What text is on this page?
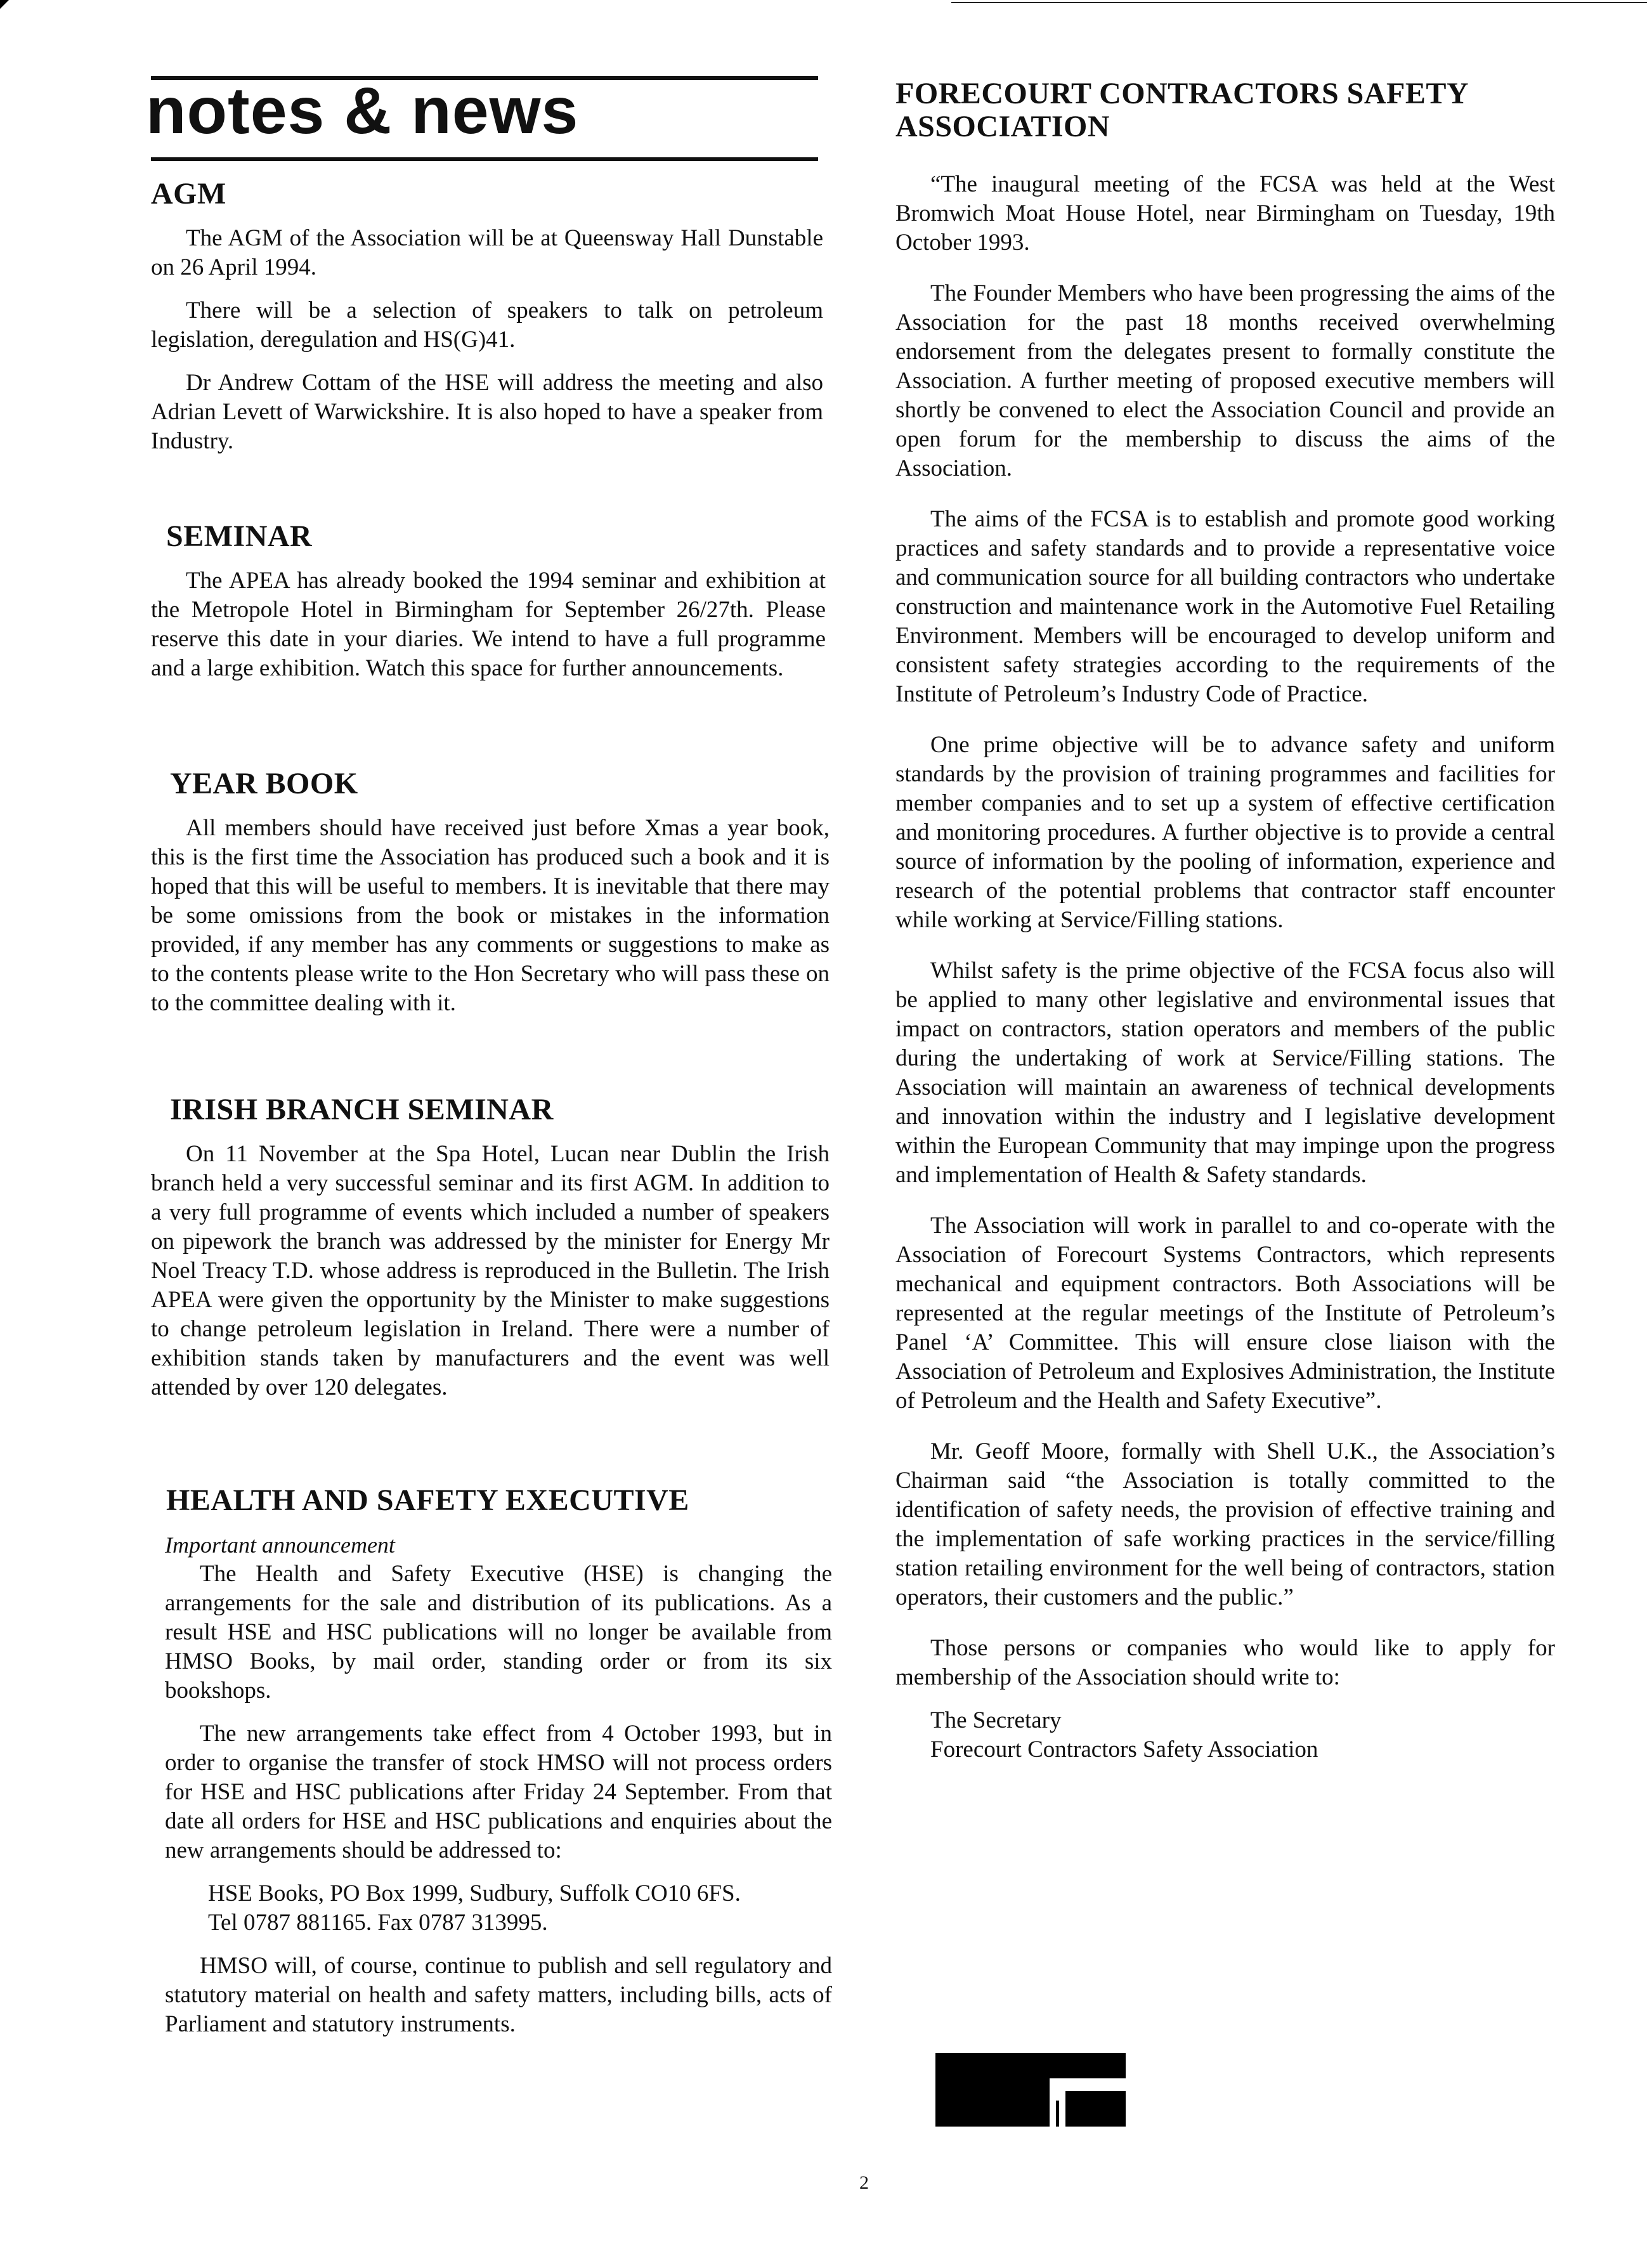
notes & news
AGM

The AGM of the Association will be at Queensway Hall Dunstable on 26 April 1994.

There will be a selection of speakers to talk on petroleum legislation, deregulation and HS(G)41.

Dr Andrew Cottam of the HSE will address the meeting and also Adrian Levett of Warwickshire. It is also hoped to have a speaker from Industry.

SEMINAR

The APEA has already booked the 1994 seminar and exhibition at the Metropole Hotel in Birmingham for September 26/27th. Please reserve this date in your diaries. We intend to have a full programme and a large exhibition. Watch this space for further announcements.

YEAR BOOK

All members should have received just before Xmas a year book, this is the first time the Association has produced such a book and it is hoped that this will be useful to members. It is inevitable that there may be some omissions from the book or mistakes in the information provided, if any member has any comments or suggestions to make as to the contents please write to the Hon Secretary who will pass these on to the committee dealing with it.

IRISH BRANCH SEMINAR

On 11 November at the Spa Hotel, Lucan near Dublin the Irish branch held a very successful seminar and its first AGM. In addition to a very full programme of events which included a number of speakers on pipework the branch was addressed by the minister for Energy Mr Noel Treacy T.D. whose address is reproduced in the Bulletin. The Irish APEA were given the opportunity by the Minister to make suggestions to change petroleum legislation in Ireland. There were a number of exhibition stands taken by manufacturers and the event was well attended by over 120 delegates.

HEALTH AND SAFETY EXECUTIVE
Important announcement

The Health and Safety Executive (HSE) is changing the arrangements for the sale and distribution of its publications. As a result HSE and HSC publications will no longer be available from HMSO Books, by mail order, standing order or from its six bookshops.

The new arrangements take effect from 4 October 1993, but in order to organise the transfer of stock HMSO will not process orders for HSE and HSC publications after Friday 24 September. From that date all orders for HSE and HSC publications and enquiries about the new arrangements should be addressed to:

HSE Books, PO Box 1999, Sudbury, Suffolk CO10 6FS.

Tel 0787 881165. Fax 0787 313995.

HMSO will, of course, continue to publish and sell regulatory and statutory material on health and safety matters, including bills, acts of Parliament and statutory instruments.

FORECOURT CONTRACTORS SAFETY ASSOCIATION

“The inaugural meeting of the FCSA was held at the West Bromwich Moat House Hotel, near Birmingham on Tuesday, 19th October 1993.

The Founder Members who have been progressing the aims of the Association for the past 18 months received overwhelming endorsement from the delegates present to formally constitute the Association. A further meeting of proposed executive members will shortly be convened to elect the Association Council and provide an open forum for the membership to discuss the aims of the Association.

The aims of the FCSA is to establish and promote good working practices and safety standards and to provide a representative voice and communication source for all building contractors who undertake construction and maintenance work in the Automotive Fuel Retailing Environment. Members will be encouraged to develop uniform and consistent safety strategies according to the requirements of the Institute of Petroleum’s Industry Code of Practice.

One prime objective will be to advance safety and uniform standards by the provision of training programmes and facilities for member companies and to set up a system of effective certification and monitoring procedures. A further objective is to provide a central source of information by the pooling of information, experience and research of the potential problems that contractor staff encounter while working at Service/Filling stations.

Whilst safety is the prime objective of the FCSA focus also will be applied to many other legislative and environmental issues that impact on contractors, station operators and members of the public during the undertaking of work at Service/Filling stations. The Association will maintain an awareness of technical developments and innovation within the industry and I legislative development within the European Community that may impinge upon the progress and implementation of Health & Safety standards.

The Association will work in parallel to and co-operate with the Association of Forecourt Systems Contractors, which represents mechanical and equipment contractors. Both Associations will be represented at the regular meetings of the Institute of Petroleum’s Panel ‘A’ Committee. This will ensure close liaison with the Association of Petroleum and Explosives Administration, the Institute of Petroleum and the Health and Safety Executive”.

Mr. Geoff Moore, formally with Shell U.K., the Association’s Chairman said “the Association is totally committed to the identification of safety needs, the provision of effective training and the implementation of safe working practices in the service/filling station retailing environment for the well being of contractors, station operators, their customers and the public.”

Those persons or companies who would like to apply for membership of the Association should write to:

The Secretary

Forecourt Contractors Safety Association

2
